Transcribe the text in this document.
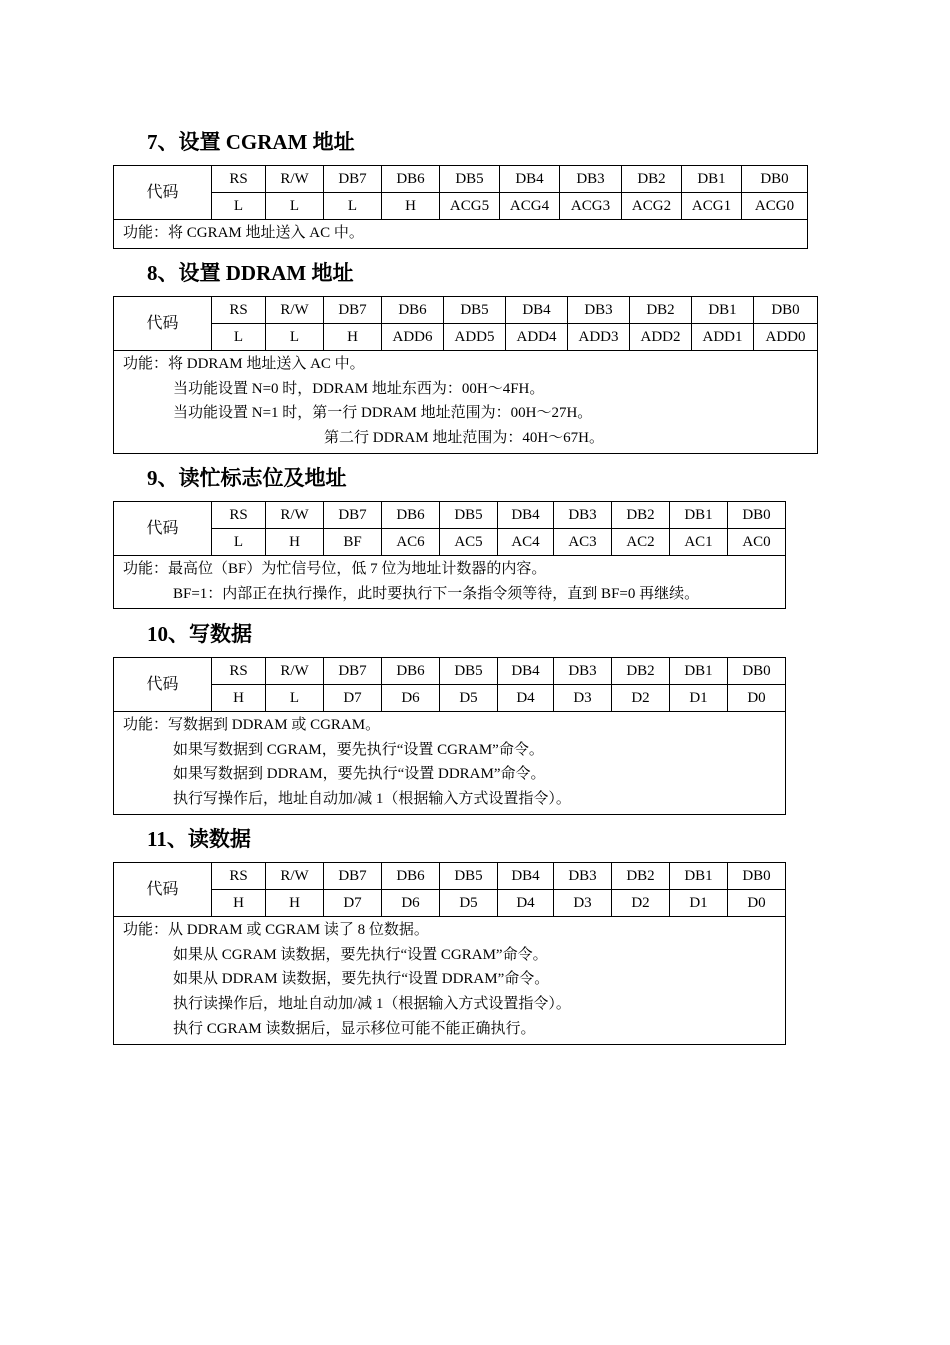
7、设置 CGRAM 地址
代码	RS	R/W	DB7	DB6	DB5	DB4	DB3	DB2	DB1	DB0
	L	L	L	H	ACG5	ACG4	ACG3	ACG2	ACG1	ACG0

功能：将 CGRAM 地址送入 AC 中。										
8、设置 DDRAM 地址
代码	RS	R/W	DB7	DB6	DB5	DB4	DB3	DB2	DB1	DB0
	L	L	H	ADD6	ADD5	ADD4	ADD3	ADD2	ADD1	ADD0

功能：将 DDRAM 地址送入 AC 中。
当功能设置 N=0 时，DDRAM 地址东西为：00H～4FH。
当功能设置 N=1 时，第一行 DDRAM 地址范围为：00H～27H。
第二行 DDRAM 地址范围为：40H～67H。										
9、读忙标志位及地址
代码	RS	R/W	DB7	DB6	DB5	DB4	DB3	DB2	DB1	DB0
	L	H	BF	AC6	AC5	AC4	AC3	AC2	AC1	AC0

功能：最高位（BF）为忙信号位，低 7 位为地址计数器的内容。
BF=1：内部正在执行操作，此时要执行下一条指令须等待，直到 BF=0 再继续。										
10、写数据
代码	RS	R/W	DB7	DB6	DB5	DB4	DB3	DB2	DB1	DB0
	H	L	D7	D6	D5	D4	D3	D2	D1	D0

功能：写数据到 DDRAM 或 CGRAM。
如果写数据到 CGRAM，要先执行“设置 CGRAM”命令。
如果写数据到 DDRAM，要先执行“设置 DDRAM”命令。
执行写操作后，地址自动加/减 1（根据输入方式设置指令）。										
11、读数据
代码	RS	R/W	DB7	DB6	DB5	DB4	DB3	DB2	DB1	DB0
	H	H	D7	D6	D5	D4	D3	D2	D1	D0

功能：从 DDRAM 或 CGRAM 读了 8 位数据。
如果从 CGRAM 读数据，要先执行“设置 CGRAM”命令。
如果从 DDRAM 读数据，要先执行“设置 DDRAM”命令。
执行读操作后，地址自动加/减 1（根据输入方式设置指令）。
执行 CGRAM 读数据后，显示移位可能不能正确执行。										
